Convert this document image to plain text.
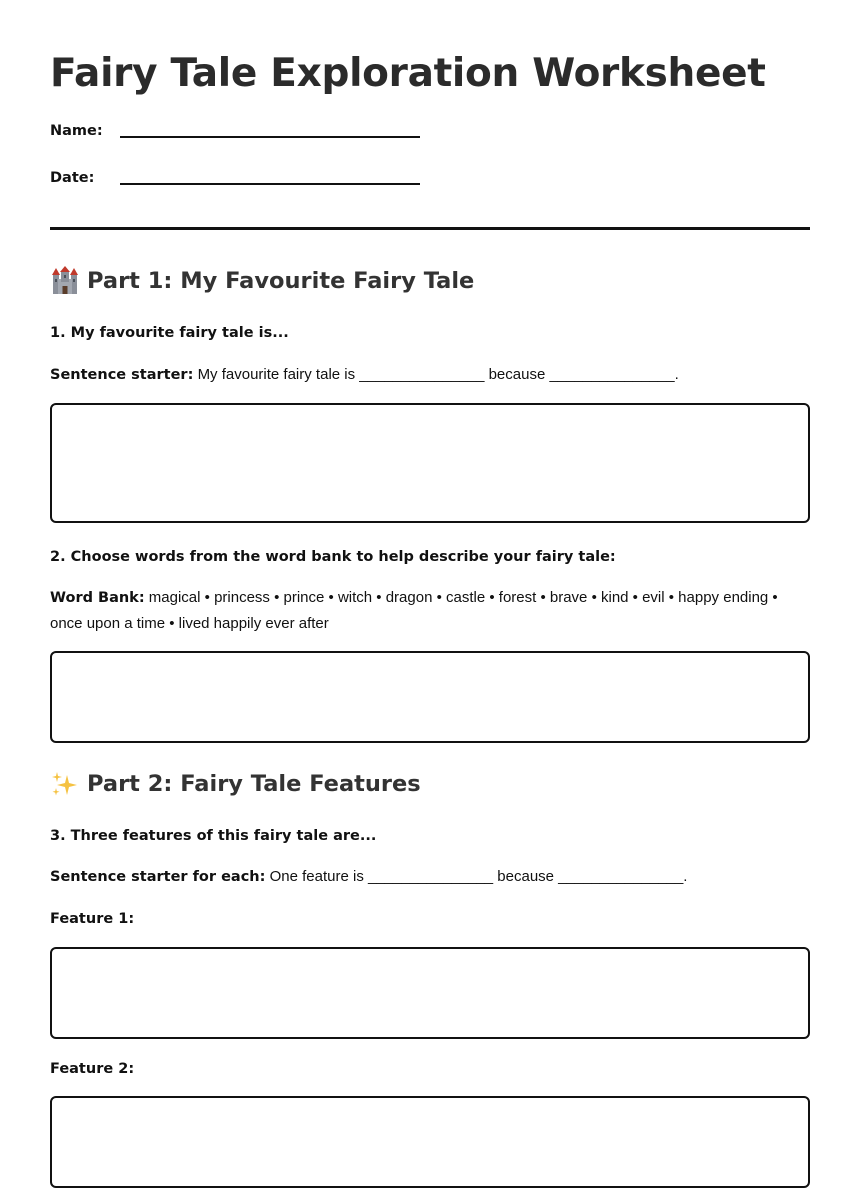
Fairy Tale Exploration Worksheet
Name:
Date:
Part 1: My Favourite Fairy Tale
1. My favourite fairy tale is...
Sentence starter: My favourite fairy tale is _______________ because _______________.
2. Choose words from the word bank to help describe your fairy tale:
Word Bank: magical • princess • prince • witch • dragon • castle • forest • brave • kind • evil • happy ending • once upon a time • lived happily ever after
Part 2: Fairy Tale Features
3. Three features of this fairy tale are...
Sentence starter for each: One feature is _______________ because _______________.
Feature 1:
Feature 2:
